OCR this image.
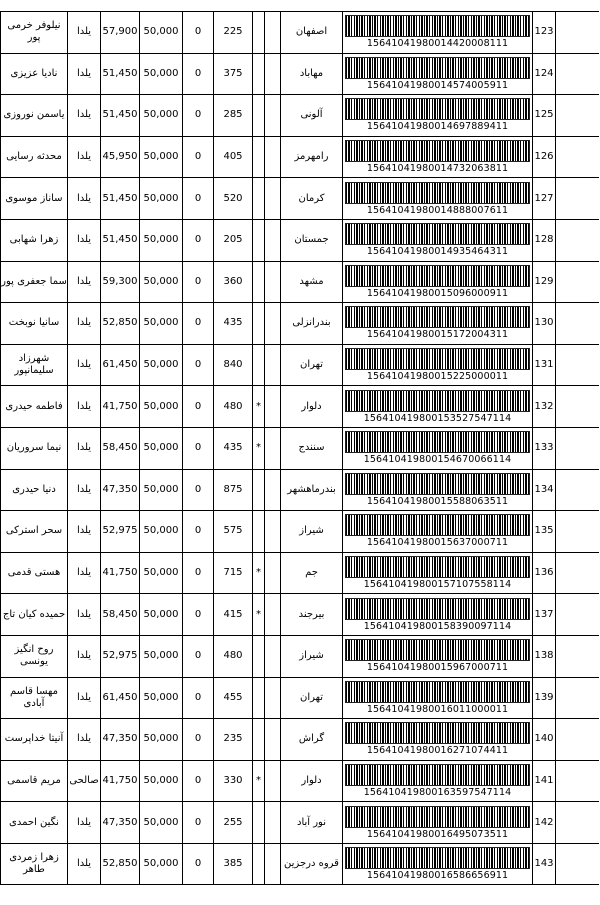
نیلوفر خرمی پور	یلدا	57,900	50,000	0	225			اصفهان	15641041980014420008111	123	
نادیا عزیزی	یلدا	51,450	50,000	0	375			مهاباد	15641041980014574005911	124	
یاسمن نوروزی	یلدا	51,450	50,000	0	285			آلونی	15641041980014697889411	125	
محدثه رسایی	یلدا	45,950	50,000	0	405			رامهرمز	15641041980014732063811	126	
ساناز موسوی	یلدا	51,450	50,000	0	520			کرمان	15641041980014888007611	127	
زهرا شهابی	یلدا	51,450	50,000	0	205			جمستان	15641041980014935464311	128	
سما جعفری پور	یلدا	59,300	50,000	0	360			مشهد	15641041980015096000911	129	
سانیا نوبخت	یلدا	52,850	50,000	0	435			بندرانزلی	15641041980015172004311	130	
شهرزاد سلیمانپور	یلدا	61,450	50,000	0	840			تهران	15641041980015225000011	131	
فاطمه حیدری	یلدا	41,750	50,000	0	480	*		دلوار	156410419800153527547114	132	
نیما سروریان	یلدا	58,450	50,000	0	435	*		سنندج	156410419800154670066114	133	
دنیا حیدری	یلدا	47,350	50,000	0	875			بندرماهشهر	15641041980015588063511	134	
سحر استرکی	یلدا	52,975	50,000	0	575			شیراز	15641041980015637000711	135	
هستی قدمی	یلدا	41,750	50,000	0	715	*		جم	156410419800157107558114	136	
حمیده کیان تاج	یلدا	58,450	50,000	0	415	*		بیرجند	156410419800158390097114	137	
روح انگیز یونسی	یلدا	52,975	50,000	0	480			شیراز	15641041980015967000711	138	
مهسا قاسم آبادی	یلدا	61,450	50,000	0	455			تهران	15641041980016011000011	139	
آنیتا خداپرست	یلدا	47,350	50,000	0	235			گراش	15641041980016271074411	140	
مریم قاسمی	صالحی	41,750	50,000	0	330	*		دلوار	156410419800163597547114	141	
نگین احمدی	یلدا	47,350	50,000	0	255			نور آباد	15641041980016495073511	142	
زهرا زمردی طاهر	یلدا	52,850	50,000	0	385			قروه درجزین	15641041980016586656911	143	
